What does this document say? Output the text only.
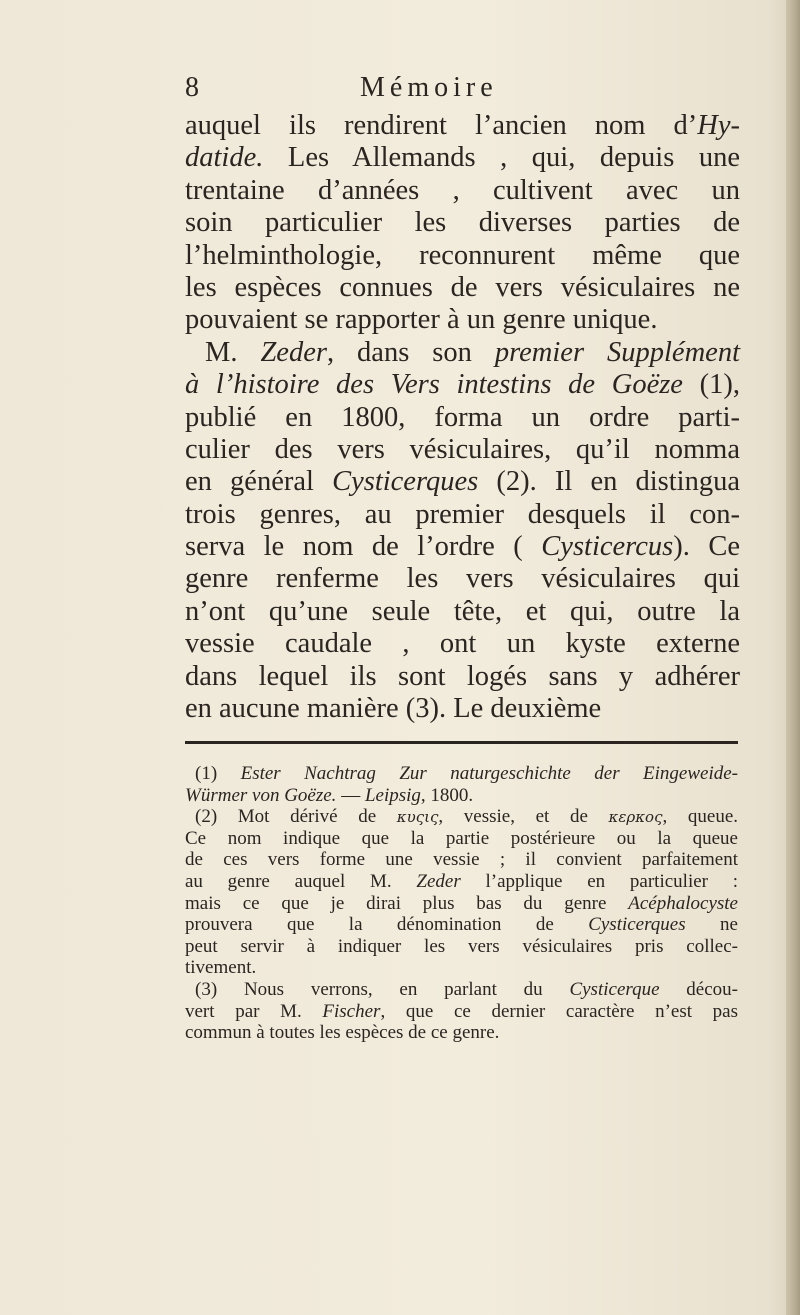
8	Mémoire
auquel ils rendirent l’ancien nom d’Hy-
datide. Les Allemands , qui, depuis une
trentaine d’années , cultivent avec un
soin particulier les diverses parties de
l’helminthologie, reconnurent même que
les espèces connues de vers vésiculaires ne
pouvaient se rapporter à un genre unique.
M. Zeder, dans son premier Supplément
à l’histoire des Vers intestins de Goëze (1),
publié en 1800, forma un ordre parti-
culier des vers vésiculaires, qu’il nomma
en général Cysticerques (2). Il en distingua
trois genres, au premier desquels il con-
serva le nom de l’ordre ( Cysticercus). Ce
genre renferme les vers vésiculaires qui
n’ont qu’une seule tête, et qui, outre la
vessie caudale , ont un kyste externe
dans lequel ils sont logés sans y adhérer
en aucune manière (3). Le deuxième
(1) Ester Nachtrag Zur naturgeschichte der Eingeweide-
Würmer von Goëze. — Leipsig, 1800.
(2) Mot dérivé de κυςις, vessie, et de κερκος, queue.
Ce nom indique que la partie postérieure ou la queue
de ces vers forme une vessie ; il convient parfaitement
au genre auquel M. Zeder l’applique en particulier :
mais ce que je dirai plus bas du genre Acéphalocyste
prouvera que la dénomination de Cysticerques ne
peut servir à indiquer les vers vésiculaires pris collec-
tivement.
(3) Nous verrons, en parlant du Cysticerque décou-
vert par M. Fischer, que ce dernier caractère n’est pas
commun à toutes les espèces de ce genre.
